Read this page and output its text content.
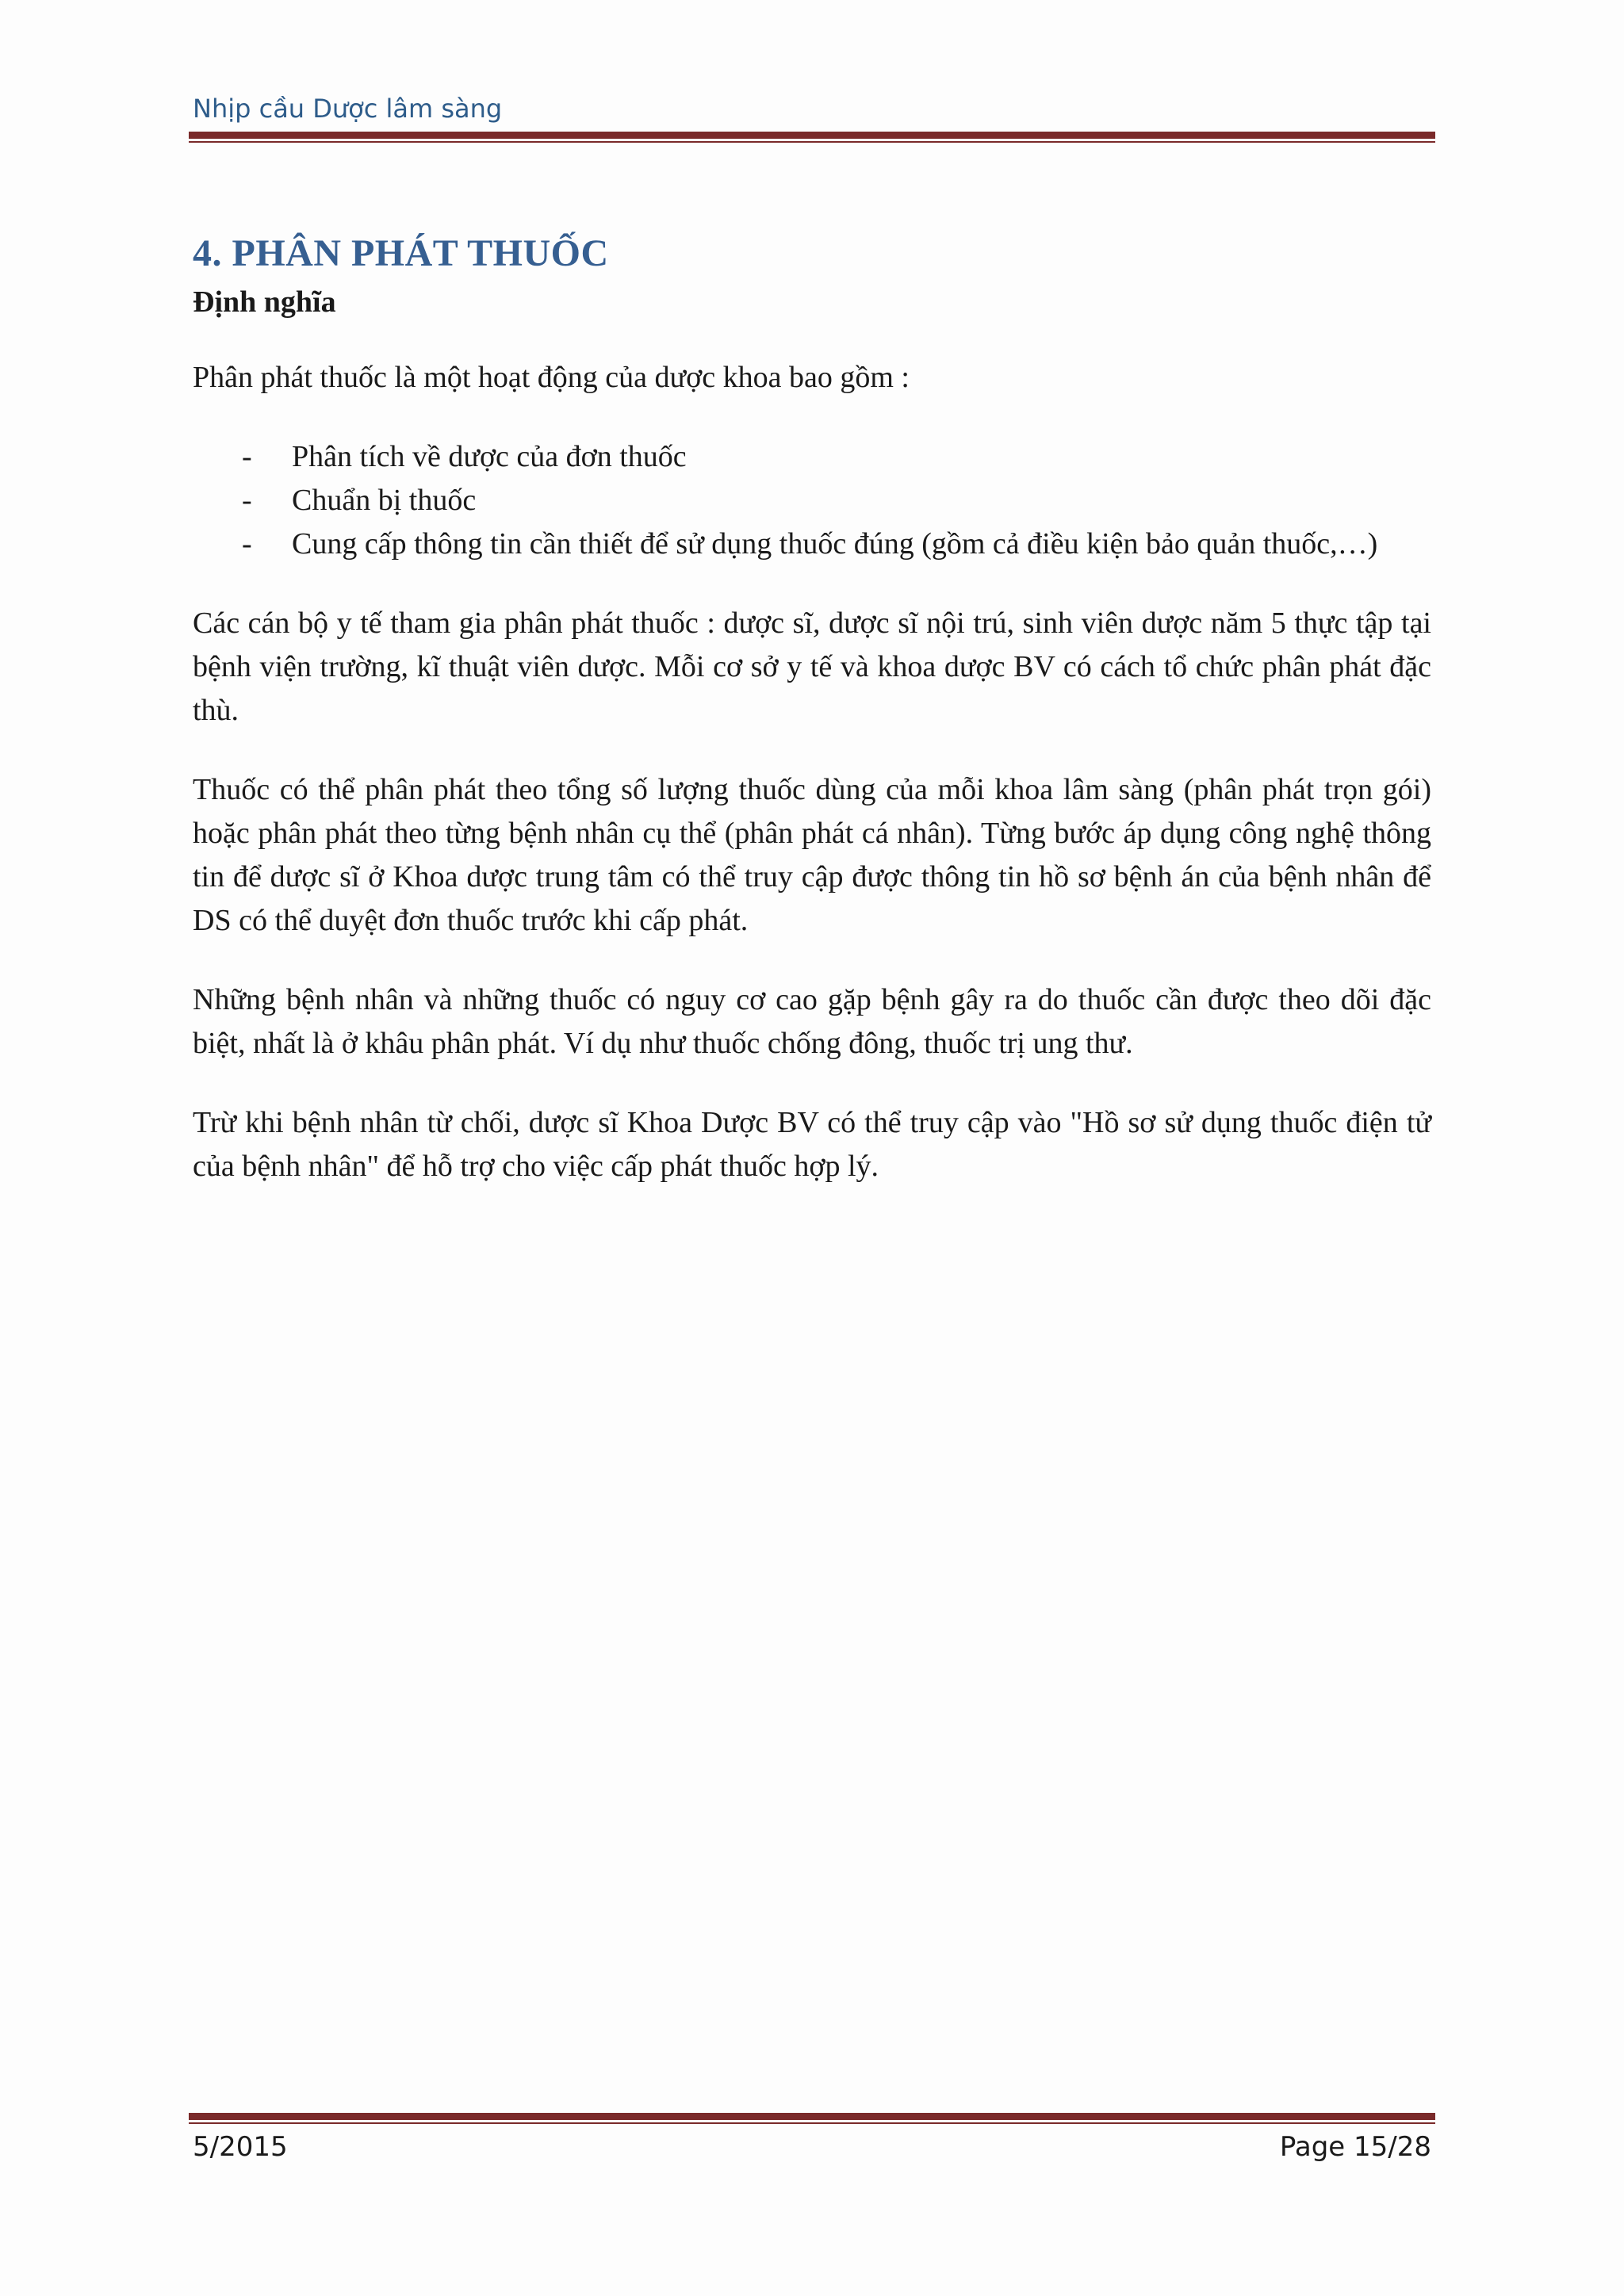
Nhịp cầu Dược lâm sàng
4. PHÂN PHÁT THUỐC
Định nghĩa

Phân phát thuốc là một hoạt động của dược khoa bao gồm :

- Phân tích về dược của đơn thuốc
- Chuẩn bị thuốc
- Cung cấp thông tin cần thiết để sử dụng thuốc đúng (gồm cả điều kiện bảo quản thuốc,…)

Các cán bộ y tế tham gia phân phát thuốc : dược sĩ, dược sĩ nội trú, sinh viên dược năm 5 thực tập tại bệnh viện trường, kĩ thuật viên dược. Mỗi cơ sở y tế và khoa dược BV có cách tổ chức phân phát đặc thù.

Thuốc có thể phân phát theo tổng số lượng thuốc dùng của mỗi khoa lâm sàng (phân phát trọn gói) hoặc phân phát theo từng bệnh nhân cụ thể (phân phát cá nhân). Từng bước áp dụng công nghệ thông tin để dược sĩ ở Khoa dược trung tâm có thể truy cập được thông tin hồ sơ bệnh án của bệnh nhân để DS có thể duyệt đơn thuốc trước khi cấp phát.

Những bệnh nhân và những thuốc có nguy cơ cao gặp bệnh gây ra do thuốc cần được theo dõi đặc biệt, nhất là ở khâu phân phát. Ví dụ như thuốc chống đông, thuốc trị ung thư.

Trừ khi bệnh nhân từ chối, dược sĩ Khoa Dược BV có thể truy cập vào "Hồ sơ sử dụng thuốc điện tử của bệnh nhân" để hỗ trợ cho việc cấp phát thuốc hợp lý.

5/2015	Page 15/28
